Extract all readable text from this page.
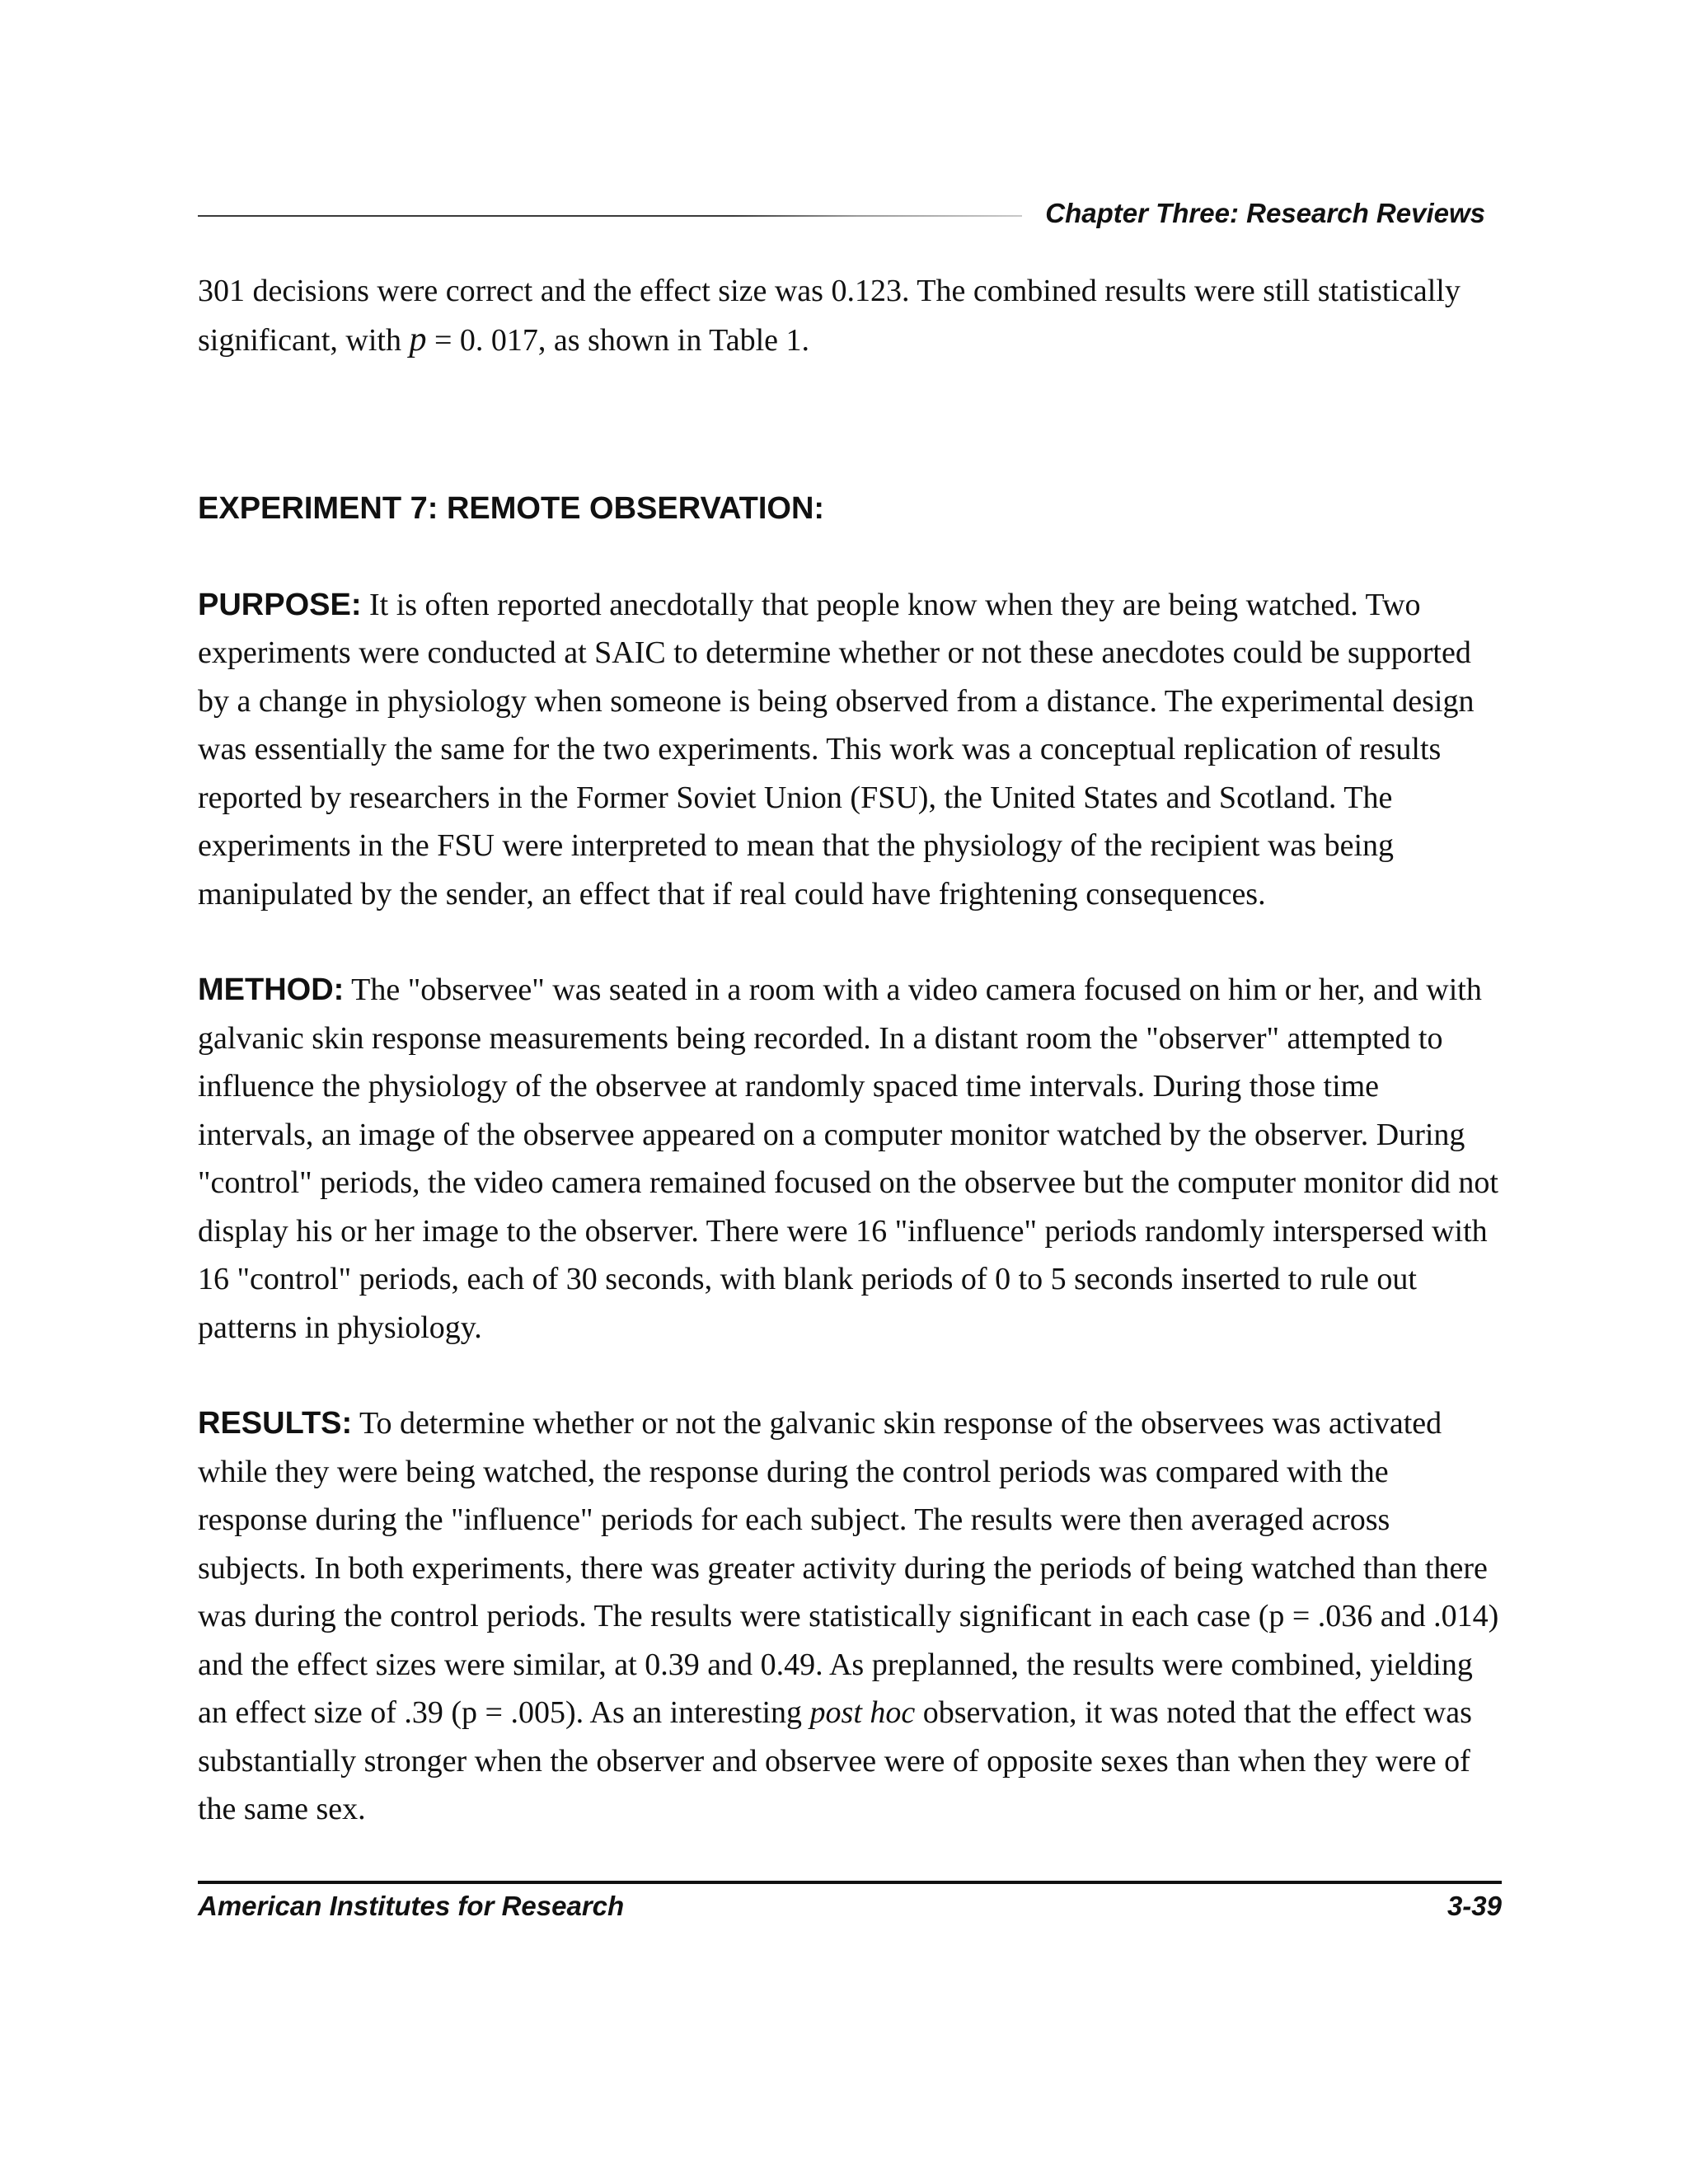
Chapter Three: Research Reviews

301 decisions were correct and the effect size was 0.123. The combined results were still statistically significant, with p = 0. 017, as shown in Table 1.

EXPERIMENT 7: REMOTE OBSERVATION:

PURPOSE: It is often reported anecdotally that people know when they are being watched. Two experiments were conducted at SAIC to determine whether or not these anecdotes could be supported by a change in physiology when someone is being observed from a distance. The experimental design was essentially the same for the two experiments. This work was a conceptual replication of results reported by researchers in the Former Soviet Union (FSU), the United States and Scotland. The experiments in the FSU were interpreted to mean that the physiology of the recipient was being manipulated by the sender, an effect that if real could have frightening consequences.

METHOD: The "observee" was seated in a room with a video camera focused on him or her, and with galvanic skin response measurements being recorded. In a distant room the "observer" attempted to influence the physiology of the observee at randomly spaced time intervals. During those time intervals, an image of the observee appeared on a computer monitor watched by the observer. During "control" periods, the video camera remained focused on the observee but the computer monitor did not display his or her image to the observer. There were 16 "influence" periods randomly interspersed with 16 "control" periods, each of 30 seconds, with blank periods of 0 to 5 seconds inserted to rule out patterns in physiology.

RESULTS: To determine whether or not the galvanic skin response of the observees was activated while they were being watched, the response during the control periods was compared with the response during the "influence" periods for each subject. The results were then averaged across subjects. In both experiments, there was greater activity during the periods of being watched than there was during the control periods. The results were statistically significant in each case (p = .036 and .014) and the effect sizes were similar, at 0.39 and 0.49. As preplanned, the results were combined, yielding an effect size of .39 (p = .005). As an interesting post hoc observation, it was noted that the effect was substantially stronger when the observer and observee were of opposite sexes than when they were of the same sex.

American Institutes for Research	3-39
